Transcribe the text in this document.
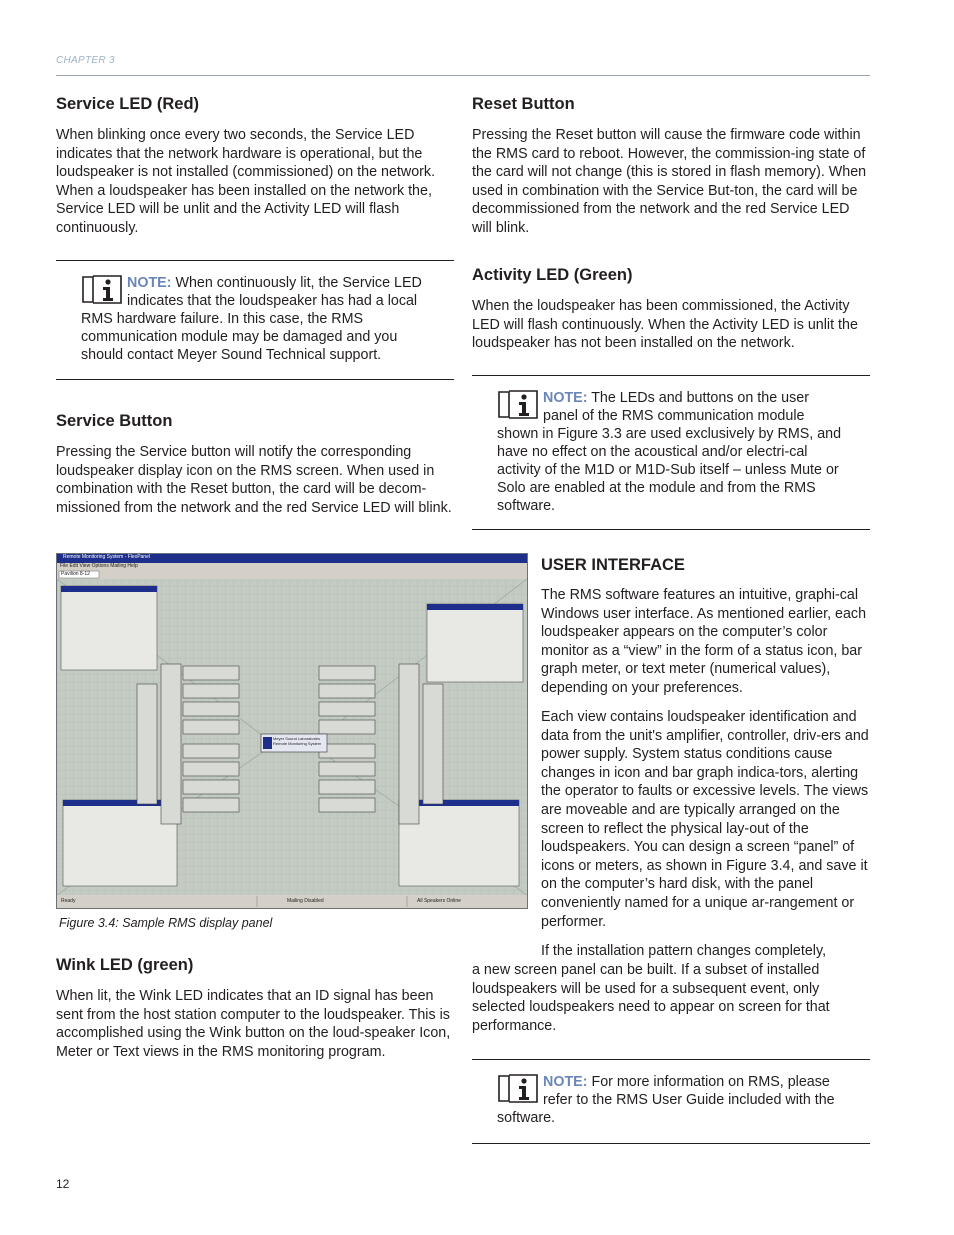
CHAPTER 3
Service LED (Red)

When blinking once every two seconds, the Service LED indicates that the network hardware is operational, but the loudspeaker is not installed (commissioned) on the network. When a loudspeaker has been installed on the network the, Service LED will be unlit and the Activity LED will flash continuously.

NOTE: When continuously lit, the Service LED indicates that the loudspeaker has had a local RMS hardware failure. In this case, the RMS communication module may be damaged and you should contact Meyer Sound Technical support.
Service Button

Pressing the Service button will notify the corresponding loudspeaker display icon on the RMS screen. When used in combination with the Reset button, the card will be decom-missioned from the network and the red Service LED will blink.

Remote Monitoring System - FlexPanel
File Edit View Options Mailing Help
Pavilion 8-12
Meyer Sound Laboratories Remote Monitoring System
Ready	Mailing Disabled	All Speakers Online
Figure 3.4: Sample RMS display panel
Wink LED (green)

When lit, the Wink LED indicates that an ID signal has been sent from the host station computer to the loudspeaker. This is accomplished using the Wink button on the loud-speaker Icon, Meter or Text views in the RMS monitoring program.

Reset Button

Pressing the Reset button will cause the firmware code within the RMS card to reboot. However, the commission-ing state of the card will not change (this is stored in flash memory). When used in combination with the Service But-ton, the card will be decommissioned from the network and the red Service LED will blink.

Activity LED (Green)

When the loudspeaker has been commissioned, the Activity LED will flash continuously. When the Activity LED is unlit the loudspeaker has not been installed on the network.

NOTE: The LEDs and buttons on the user panel of the RMS communication module shown in Figure 3.3 are used exclusively by RMS, and have no effect on the acoustical and/or electri-cal activity of the M1D or M1D-Sub itself – unless Mute or Solo are enabled at the module and from the RMS software.
USER INTERFACE

The RMS software features an intuitive, graphi-cal Windows user interface. As mentioned earlier, each loudspeaker appears on the computer’s color monitor as a “view” in the form of a status icon, bar graph meter, or text meter (numerical values), depending on your preferences.

Each view contains loudspeaker identification and data from the unit's amplifier, controller, driv-ers and power supply. System status conditions cause changes in icon and bar graph indica-tors, alerting the operator to faults or excessive levels. The views are moveable and are typically arranged on the screen to reflect the physical lay-out of the loudspeakers. You can design a screen “panel” of icons or meters, as shown in Figure 3.4, and save it on the computer’s hard disk, with the panel conveniently named for a unique ar-rangement or performer.

If the installation pattern changes completely,

a new screen panel can be built. If a subset of installed loudspeakers will be used for a subsequent event, only selected loudspeakers need to appear on screen for that performance.

NOTE: For more information on RMS, please refer to the RMS User Guide included with the software.
12
